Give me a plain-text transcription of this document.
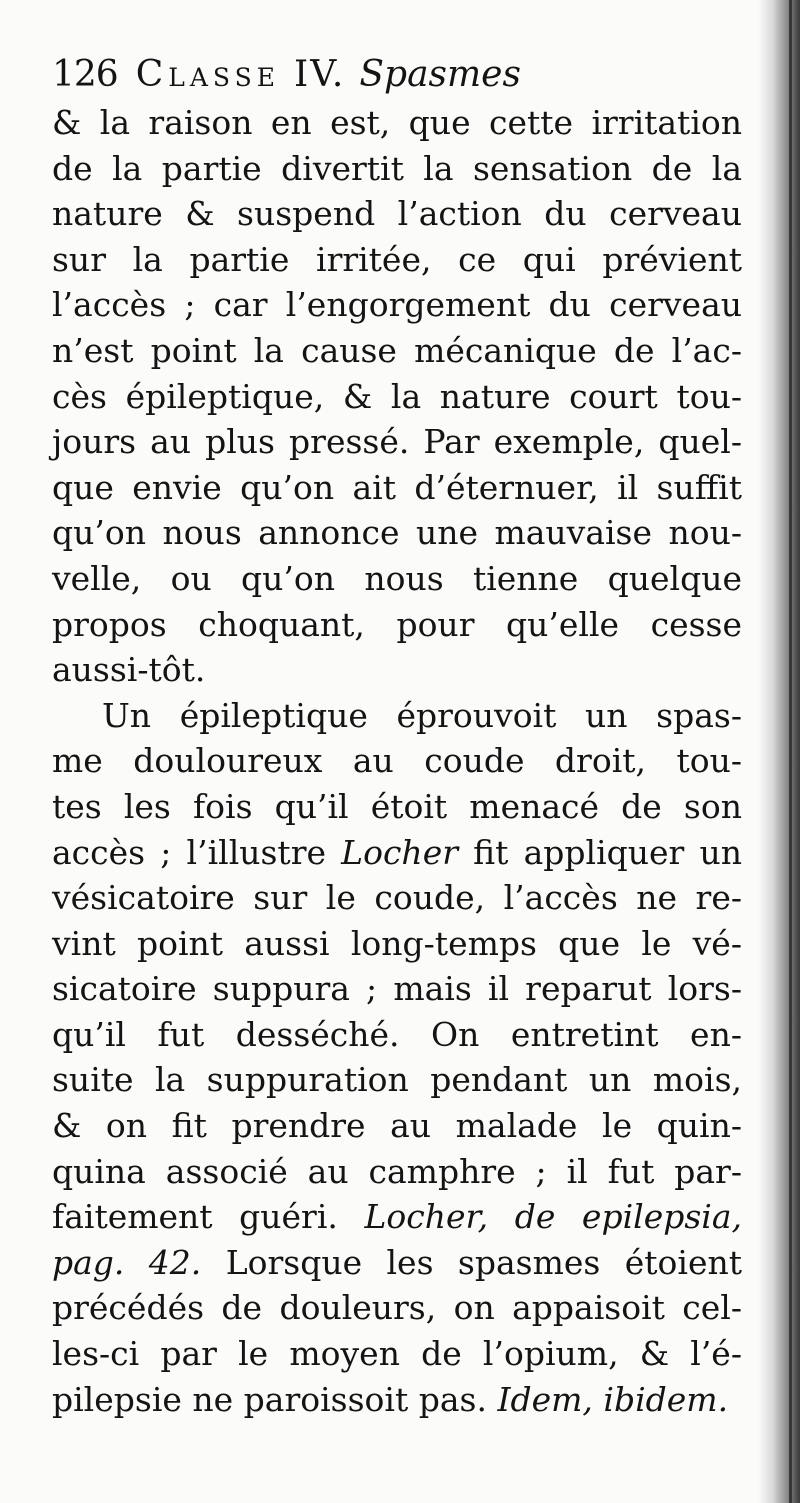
126 Classe IV. Spasmes
& la raison en est, que cette irritation
de la partie divertit la sensation de la
nature & suspend l’action du cerveau
sur la partie irritée, ce qui prévient
l’accès ; car l’engorgement du cerveau
n’est point la cause mécanique de l’ac-
cès épileptique, & la nature court tou-
jours au plus pressé. Par exemple, quel-
que envie qu’on ait d’éternuer, il suffit
qu’on nous annonce une mauvaise nou-
velle, ou qu’on nous tienne quelque
propos choquant, pour qu’elle cesse
aussi-tôt.
Un épileptique éprouvoit un spas-
me douloureux au coude droit, tou-
tes les fois qu’il étoit menacé de son
accès ; l’illustre Locher fit appliquer un
vésicatoire sur le coude, l’accès ne re-
vint point aussi long-temps que le vé-
sicatoire suppura ; mais il reparut lors-
qu’il fut desséché. On entretint en-
suite la suppuration pendant un mois,
& on fit prendre au malade le quin-
quina associé au camphre ; il fut par-
faitement guéri. Locher, de epilepsia,
pag. 42. Lorsque les spasmes étoient
précédés de douleurs, on appaisoit cel-
les-ci par le moyen de l’opium, & l’é-
pilepsie ne paroissoit pas. Idem, ibidem.
